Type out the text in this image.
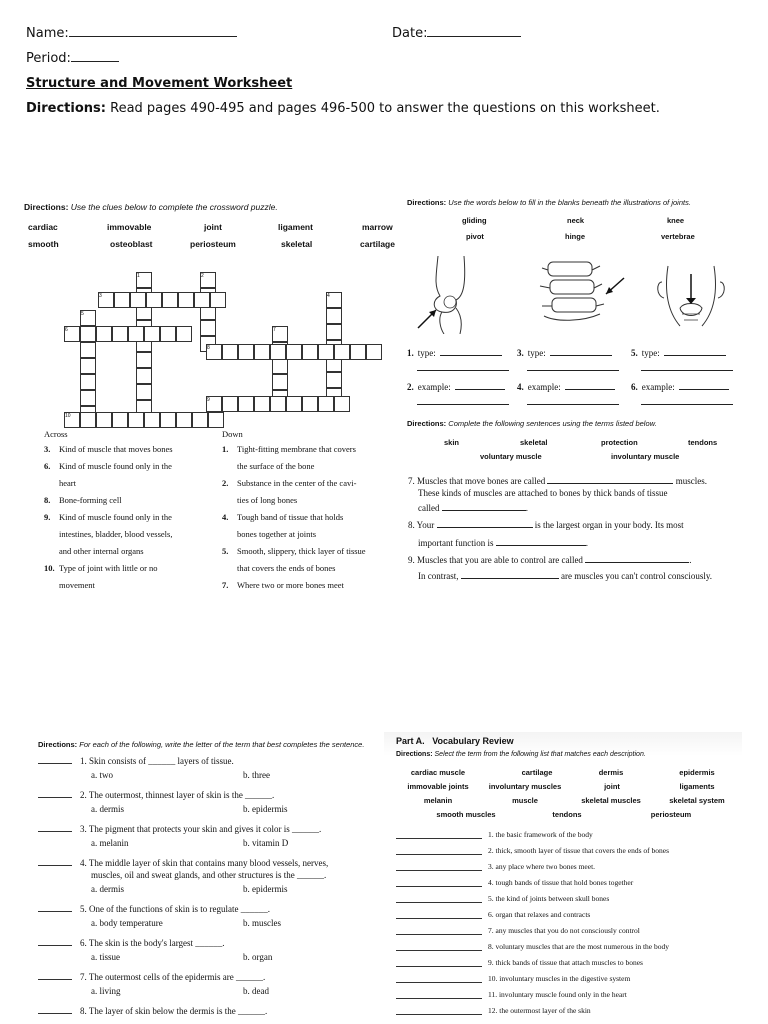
Name:	Date:
Period:
Structure and Movement Worksheet
Directions: Read pages 490-495 and pages 496-500 to answer the questions on this worksheet.
Directions: Use the clues below to complete the crossword puzzle.
cardiac	immovable	joint	ligament	marrow
smooth	osteoblast	periosteum	skeletal	cartilage
1	2
3	4
5
6	7
8
9
10
Across
3. Kind of muscle that moves bones
6. Kind of muscle found only in the
heart
8. Bone-forming cell
9. Kind of muscle found only in the
intestines, bladder, blood vessels,
and other internal organs
10. Type of joint with little or no
movement
Down
1. Tight-fitting membrane that covers
the surface of the bone
2. Substance in the center of the cavi-
ties of long bones
4. Tough band of tissue that holds
bones together at joints
5. Smooth, slippery, thick layer of tissue
that covers the ends of bones
7. Where two or more bones meet
Directions: Use the words below to fill in the blanks beneath the illustrations of joints.
gliding	neck	knee
pivot	hinge	vertebrae
1. type:	3. type:	5. type:
2. example:	4. example:	6. example:
Directions: Complete the following sentences using the terms listed below.
skin	skeletal	protection	tendons
voluntary muscle	involuntary muscle
7. Muscles that move bones are called	muscles.
These kinds of muscles are attached to bones by thick bands of tissue
called	.
8. Your	is the largest organ in your body. Its most
important function is	.
9. Muscles that you are able to control are called	.
In contrast,	are muscles you can't control consciously.
Directions: For each of the following, write the letter of the term that best completes the sentence.
1. Skin consists of ______ layers of tissue.
a. two	b. three
2. The outermost, thinnest layer of skin is the ______.
a. dermis	b. epidermis
3. The pigment that protects your skin and gives it color is ______.
a. melanin	b. vitamin D
4. The middle layer of skin that contains many blood vessels, nerves,
muscles, oil and sweat glands, and other structures is the ______.
a. dermis	b. epidermis
5. One of the functions of skin is to regulate ______.
a. body temperature	b. muscles
6. The skin is the body's largest ______.
a. tissue	b. organ
7. The outermost cells of the epidermis are ______.
a. living	b. dead
8. The layer of skin below the dermis is the ______.
Part A. Vocabulary Review
Directions: Select the term from the following list that matches each description.
cardiac muscle	cartilage	dermis	epidermis
immovable joints	involuntary muscles	joint	ligaments
melanin	muscle	skeletal muscles	skeletal system
smooth muscles	tendons	periosteum
1. the basic framework of the body
2. thick, smooth layer of tissue that covers the ends of bones
3. any place where two bones meet.
4. tough bands of tissue that hold bones together
5. the kind of joints between skull bones
6. organ that relaxes and contracts
7. any muscles that you do not consciously control
8. voluntary muscles that are the most numerous in the body
9. thick bands of tissue that attach muscles to bones
10. involuntary muscles in the digestive system
11. involuntary muscle found only in the heart
12. the outermost layer of the skin
